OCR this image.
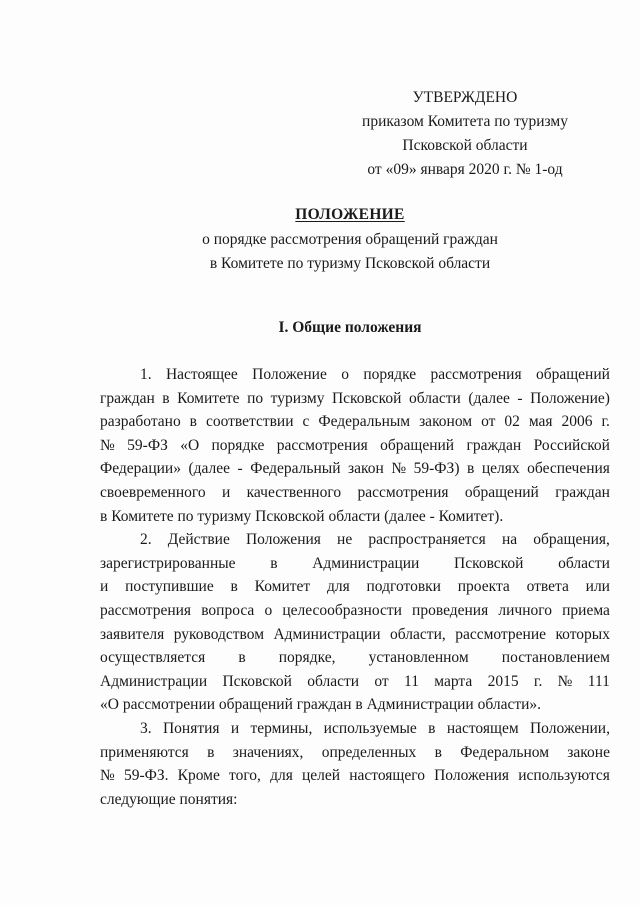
УТВЕРЖДЕНО
приказом Комитета по туризму
Псковской области
от «09» января 2020 г. № 1-од
ПОЛОЖЕНИЕ
о порядке рассмотрения обращений граждан
в Комитете по туризму Псковской области
I. Общие положения
1. Настоящее Положение о порядке рассмотрения обращений
граждан в Комитете по туризму Псковской области (далее - Положение)
разработано в соответствии с Федеральным законом от 02 мая 2006 г.
№ 59-ФЗ «О порядке рассмотрения обращений граждан Российской
Федерации» (далее - Федеральный закон № 59-ФЗ) в целях обеспечения
своевременного и качественного рассмотрения обращений граждан
в Комитете по туризму Псковской области (далее - Комитет).
2. Действие Положения не распространяется на обращения,
зарегистрированные в Администрации Псковской области
и поступившие в Комитет для подготовки проекта ответа или
рассмотрения вопроса о целесообразности проведения личного приема
заявителя руководством Администрации области, рассмотрение которых
осуществляется в порядке, установленном постановлением
Администрации Псковской области от 11 марта 2015 г. № 111
«О рассмотрении обращений граждан в Администрации области».
3. Понятия и термины, используемые в настоящем Положении,
применяются в значениях, определенных в Федеральном законе
№ 59-ФЗ. Кроме того, для целей настоящего Положения используются
следующие понятия:
